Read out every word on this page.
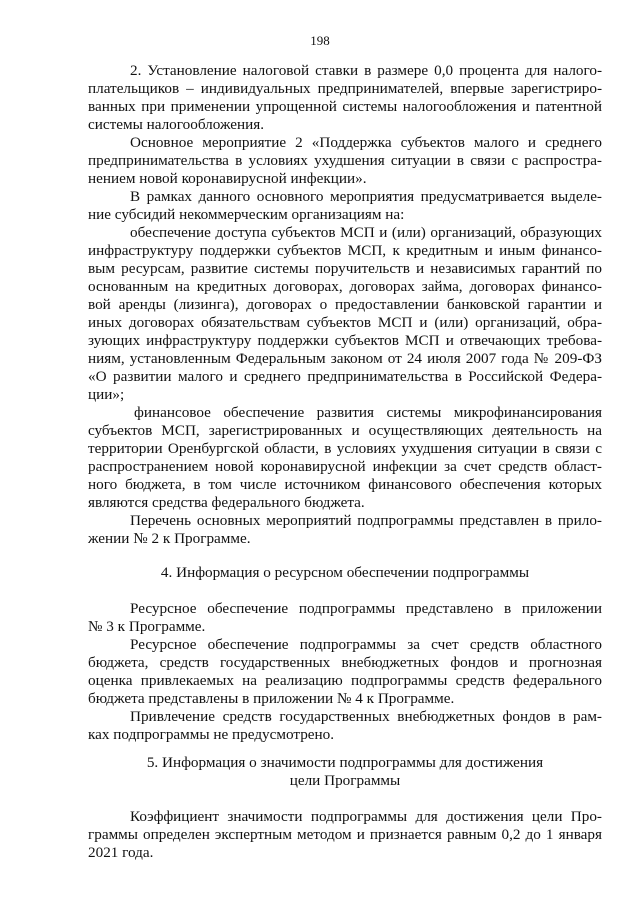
198
2. Установление налоговой ставки в размере 0,0 процента для налого-
плательщиков – индивидуальных предпринимателей, впервые зарегистриро-
ванных при применении упрощенной системы налогообложения и патентной
системы налогообложения.
Основное мероприятие 2 «Поддержка субъектов малого и среднего
предпринимательства в условиях ухудшения ситуации в связи с распростра-
нением новой коронавирусной инфекции».
В рамках данного основного мероприятия предусматривается выделе-
ние субсидий некоммерческим организациям на:
обеспечение доступа субъектов МСП и (или) организаций, образующих
инфраструктуру поддержки субъектов МСП, к кредитным и иным финансо-
вым ресурсам, развитие системы поручительств и независимых гарантий по
основанным на кредитных договорах, договорах займа, договорах финансо-
вой аренды (лизинга), договорах о предоставлении банковской гарантии и
иных договорах обязательствам субъектов МСП и (или) организаций, обра-
зующих инфраструктуру поддержки субъектов МСП и отвечающих требова-
ниям, установленным Федеральным законом от 24 июля 2007 года № 209-ФЗ
«О развитии малого и среднего предпринимательства в Российской Федера-
ции»;
финансовое обеспечение развития системы микрофинансирования
субъектов МСП, зарегистрированных и осуществляющих деятельность на
территории Оренбургской области, в условиях ухудшения ситуации в связи с
распространением новой коронавирусной инфекции за счет средств област-
ного бюджета, в том числе источником финансового обеспечения которых
являются средства федерального бюджета.
Перечень основных мероприятий подпрограммы представлен в прило-
жении № 2 к Программе.
4. Информация о ресурсном обеспечении подпрограммы
Ресурсное обеспечение подпрограммы представлено в приложении
№ 3 к Программе.
Ресурсное обеспечение подпрограммы за счет средств областного
бюджета, средств государственных внебюджетных фондов и прогнозная
оценка привлекаемых на реализацию подпрограммы средств федерального
бюджета представлены в приложении № 4 к Программе.
Привлечение средств государственных внебюджетных фондов в рам-
ках подпрограммы не предусмотрено.
5. Информация о значимости подпрограммы для достижения
цели Программы
Коэффициент значимости подпрограммы для достижения цели Про-
граммы определен экспертным методом и признается равным 0,2 до 1 января
2021 года.
